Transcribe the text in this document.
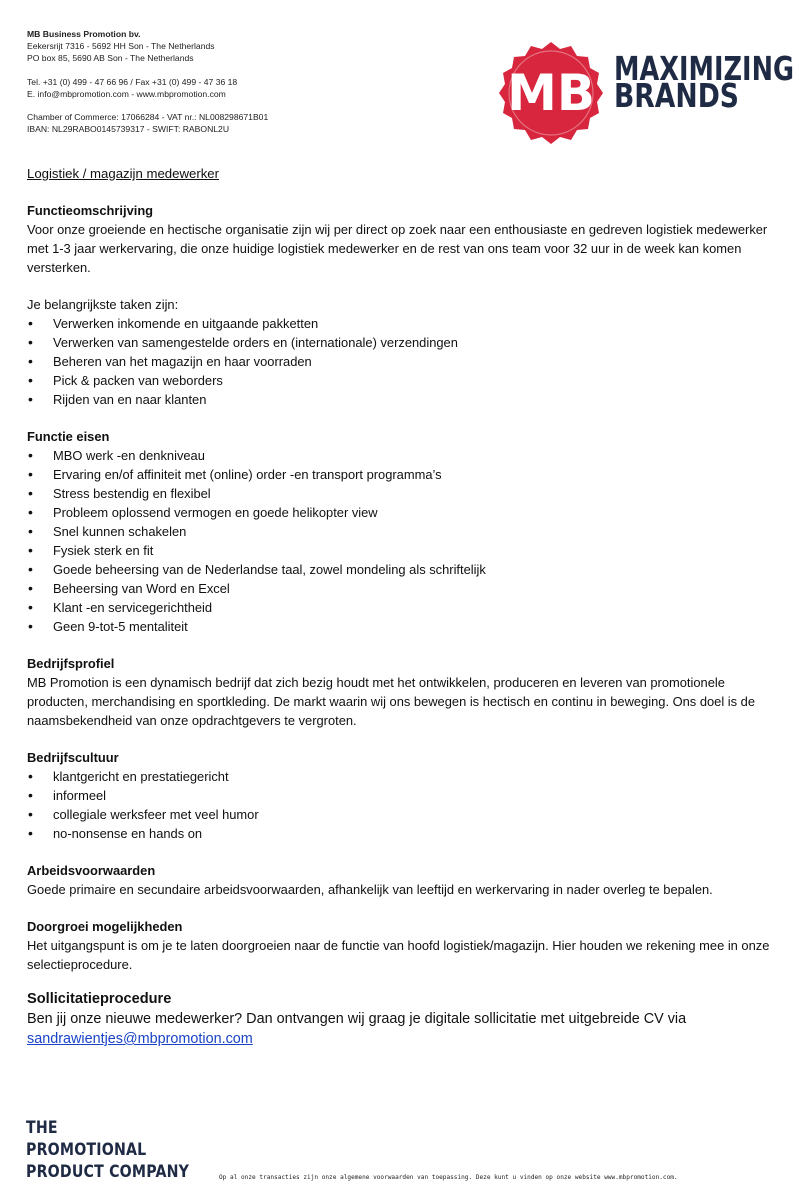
MB Business Promotion bv.
Eekersrijt 7316 - 5692 HH Son - The Netherlands
PO box 85, 5690 AB Son - The Netherlands
Tel. +31 (0) 499 - 47 66 96 / Fax +31 (0) 499 - 47 36 18
E. info@mbpromotion.com - www.mbpromotion.com
Chamber of Commerce: 17066284 - VAT nr.: NL008298671B01
IBAN: NL29RABO0145739317 - SWIFT: RABONL2U
MB MAXIMIZING
BRANDS
Logistiek / magazijn medewerker
Functieomschrijving

Voor onze groeiende en hectische organisatie zijn wij per direct op zoek naar een enthousiaste en gedreven logistiek medewerker met 1-3 jaar werkervaring, die onze huidige logistiek medewerker en de rest van ons team voor 32 uur in de week kan komen versterken.

Je belangrijkste taken zijn:

• Verwerken inkomende en uitgaande pakketten
• Verwerken van samengestelde orders en (internationale) verzendingen
• Beheren van het magazijn en haar voorraden
• Pick & packen van weborders
• Rijden van en naar klanten
Functie eisen
• MBO werk -en denkniveau
• Ervaring en/of affiniteit met (online) order -en transport programma’s
• Stress bestendig en flexibel
• Probleem oplossend vermogen en goede helikopter view
• Snel kunnen schakelen
• Fysiek sterk en fit
• Goede beheersing van de Nederlandse taal, zowel mondeling als schriftelijk
• Beheersing van Word en Excel
• Klant -en servicegerichtheid
• Geen 9-tot-5 mentaliteit
Bedrijfsprofiel

MB Promotion is een dynamisch bedrijf dat zich bezig houdt met het ontwikkelen, produceren en leveren van promotionele producten, merchandising en sportkleding. De markt waarin wij ons bewegen is hectisch en continu in beweging. Ons doel is de naamsbekendheid van onze opdrachtgevers te vergroten.

Bedrijfscultuur
• klantgericht en prestatiegericht
• informeel
• collegiale werksfeer met veel humor
• no-nonsense en hands on
Arbeidsvoorwaarden

Goede primaire en secundaire arbeidsvoorwaarden, afhankelijk van leeftijd en werkervaring in nader overleg te bepalen.

Doorgroei mogelijkheden

Het uitgangspunt is om je te laten doorgroeien naar de functie van hoofd logistiek/magazijn. Hier houden we rekening mee in onze selectieprocedure.

Sollicitatieprocedure
Ben jij onze nieuwe medewerker? Dan ontvangen wij graag je digitale sollicitatie met uitgebreide CV via
sandrawientjes@mbpromotion.com
THE
PROMOTIONAL
PRODUCT COMPANY	Op al onze transacties zijn onze algemene voorwaarden van toepassing. Deze kunt u vinden op onze website www.mbpromotion.com.
